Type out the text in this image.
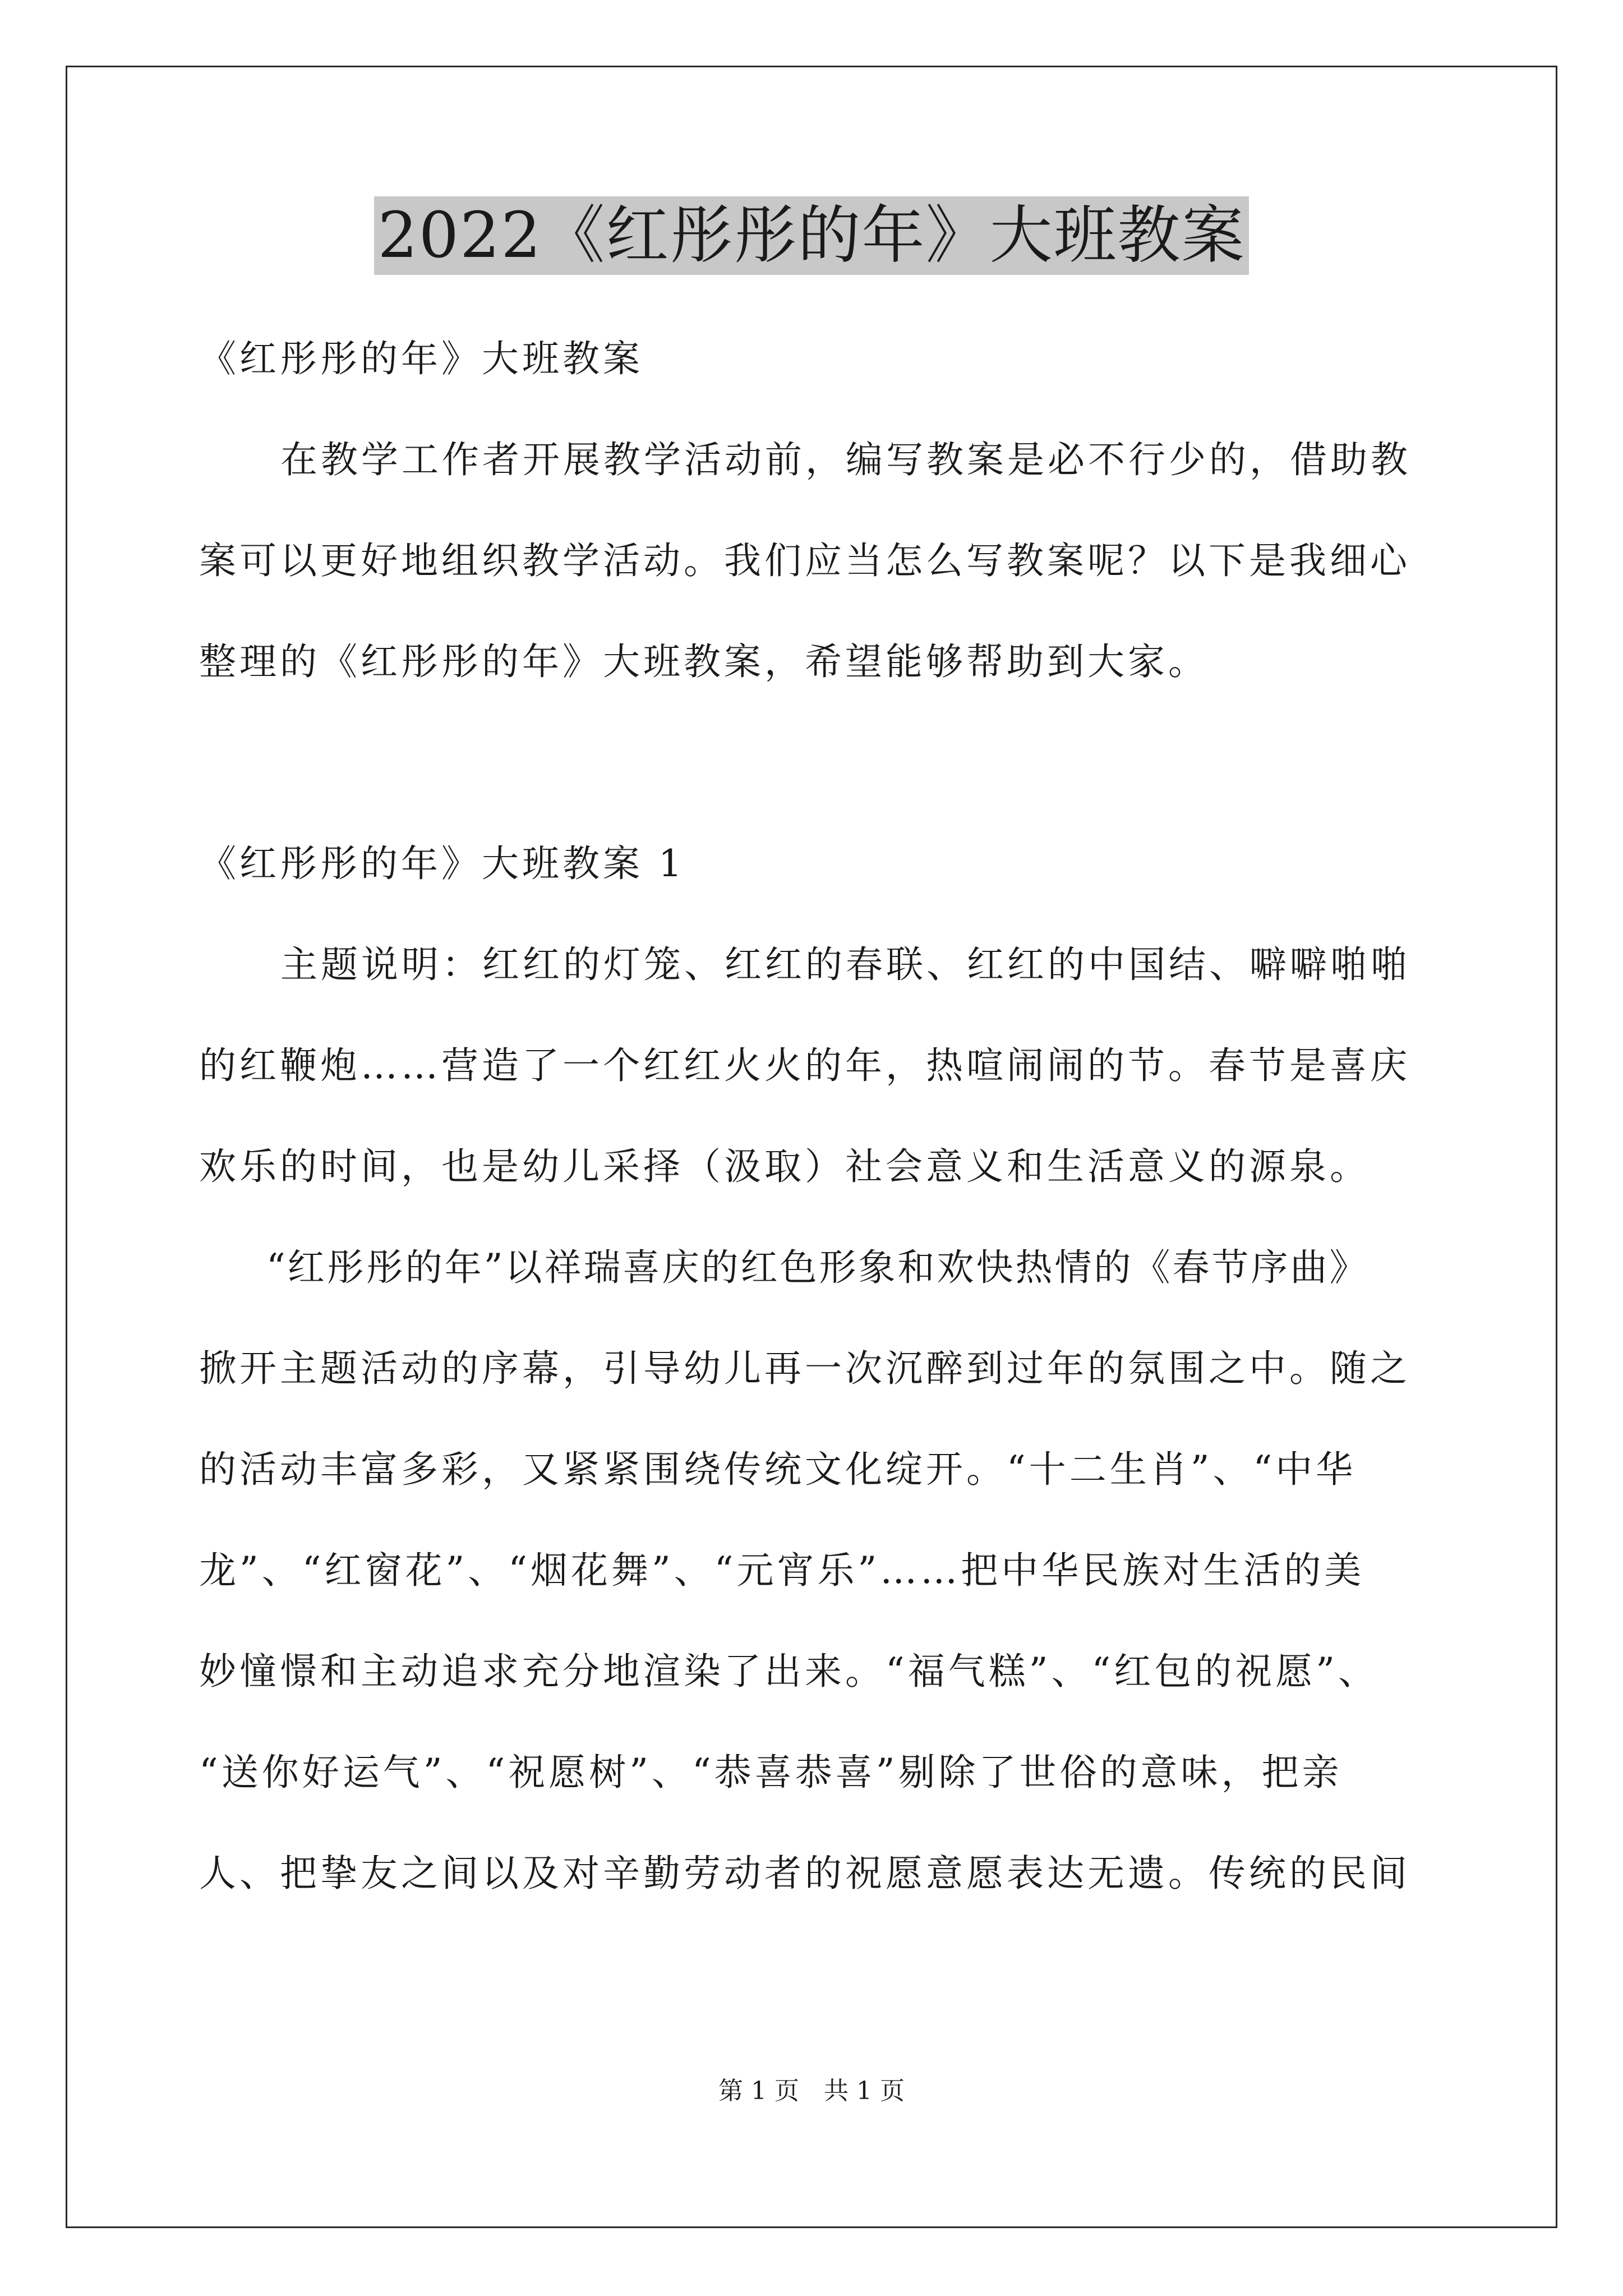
2022《红彤彤的年》大班教案
《红彤彤的年》大班教案
在教学工作者开展教学活动前，编写教案是必不行少的，借助教
案可以更好地组织教学活动。我们应当怎么写教案呢？以下是我细心
整理的《红彤彤的年》大班教案，希望能够帮助到大家。
《红彤彤的年》大班教案 1
主题说明：红红的灯笼、红红的春联、红红的中国结、噼噼啪啪
的红鞭炮……营造了一个红红火火的年，热喧闹闹的节。春节是喜庆
欢乐的时间，也是幼儿采择（汲取）社会意义和生活意义的源泉。
“红彤彤的年”以祥瑞喜庆的红色形象和欢快热情的《春节序曲》
掀开主题活动的序幕，引导幼儿再一次沉醉到过年的氛围之中。随之
的活动丰富多彩，又紧紧围绕传统文化绽开。“十二生肖”、“中华
龙”、“红窗花”、“烟花舞”、“元宵乐”……把中华民族对生活的美
妙憧憬和主动追求充分地渲染了出来。“福气糕”、“红包的祝愿”、
“送你好运气”、“祝愿树”、“恭喜恭喜”剔除了世俗的意味，把亲
人、把挚友之间以及对辛勤劳动者的祝愿意愿表达无遗。传统的民间
第 1 页　共 1 页
